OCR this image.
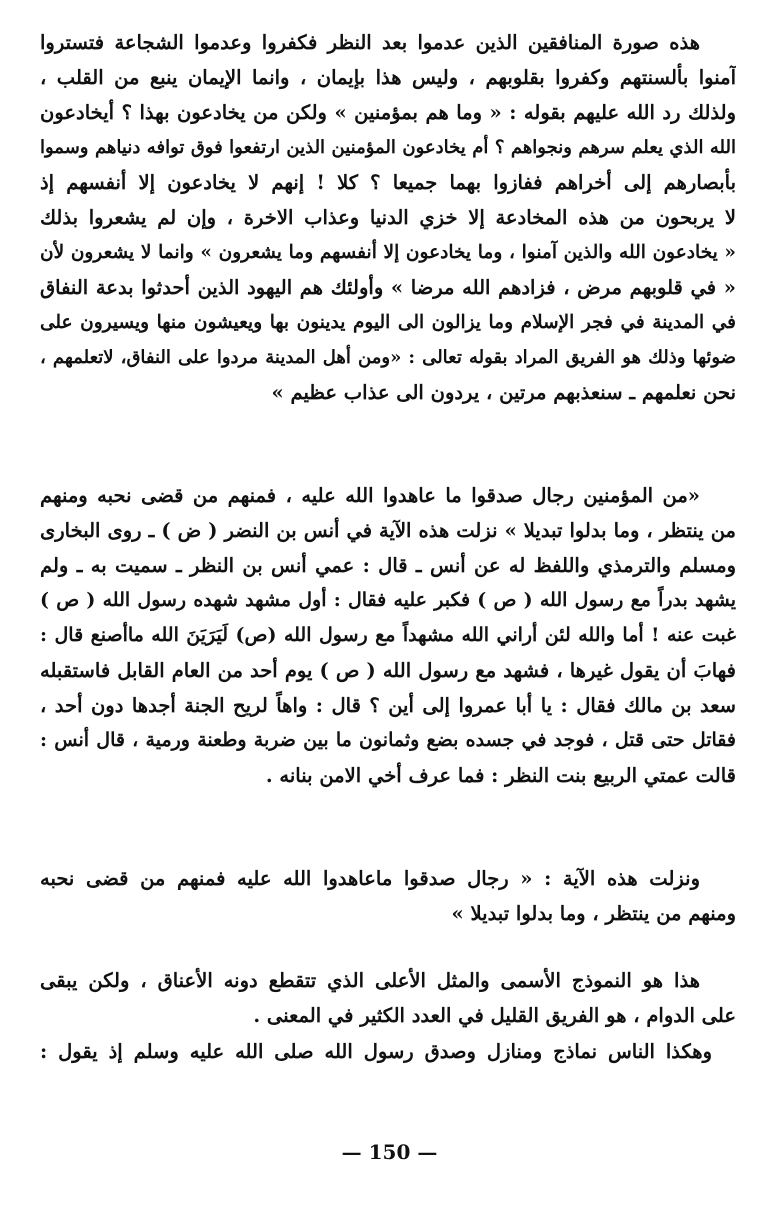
هذه صورة المنافقين الذين عدموا بعد النظر فكفروا وعدموا الشجاعة فتستروا
آمنوا بألسنتهم وكفروا بقلوبهم ، وليس هذا بإيمان ، وانما الإيمان ينبع من القلب ،
ولذلك رد الله عليهم بقوله : « وما هم بمؤمنين » ولكن من يخادعون بهذا ؟ أيخادعون
الله الذي يعلم سرهم ونجواهم ؟ أم يخادعون المؤمنين الذين ارتفعوا فوق توافه دنياهم وسموا
بأبصارهم إلى أخراهم ففازوا بهما جميعا ؟ كلا ! إنهم لا يخادعون إلا أنفسهم إذ
لا يربحون من هذه المخادعة إلا خزي الدنيا وعذاب الاخرة ، وإن لم يشعروا بذلك
« يخادعون الله والذين آمنوا ، وما يخادعون إلا أنفسهم وما يشعرون » وانما لا يشعرون لأن
« في قلوبهم مرض ، فزادهم الله مرضا » وأولئك هم اليهود الذين أحدثوا بدعة النفاق
في المدينة في فجر الإسلام وما يزالون الى اليوم يدينون بها ويعيشون منها ويسيرون على
ضوئها وذلك هو الفريق المراد بقوله تعالى : «ومن أهل المدينة مردوا على النفاق، لاتعلمهم ،
نحن نعلمهم ـ سنعذبهم مرتين ، يردون الى عذاب عظيم »
«من المؤمنين رجال صدقوا ما عاهدوا الله عليه ، فمنهم من قضى نحبه ومنهم
من ينتظر ، وما بدلوا تبديلا » نزلت هذه الآية في أنس بن النضر ( ض ) ـ روى البخارى
ومسلم والترمذي واللفظ له عن أنس ـ قال : عمي أنس بن النظر ـ سميت به ـ ولم
يشهد بدراً مع رسول الله ( ص ) فكبر عليه فقال : أول مشهد شهده رسول الله ( ص )
غبت عنه ! أما والله لئن أراني الله مشهداً مع رسول الله (ص) لَيَرَيَنَ الله ماأصنع قال :
فهابَ أن يقول غيرها ، فشهد مع رسول الله ( ص ) يوم أحد من العام القابل فاستقبله
سعد بن مالك فقال : يا أبا عمروا إلى أين ؟ قال : واهاً لريح الجنة أجدها دون أحد ،
فقاتل حتى قتل ، فوجد في جسده بضع وثمانون ما بين ضربة وطعنة ورمية ، قال أنس :
قالت عمتي الربيع بنت النظر : فما عرف أخي الامن بنانه .
ونزلت هذه الآية : « رجال صدقوا ماعاهدوا الله عليه فمنهم من قضى نحبه
ومنهم من ينتظر ، وما بدلوا تبديلا »
هذا هو النموذج الأسمى والمثل الأعلى الذي تتقطع دونه الأعناق ، ولكن يبقى
على الدوام ، هو الفريق القليل في العدد الكثير في المعنى .
وهكذا الناس نماذج ومنازل وصدق رسول الله صلى الله عليه وسلم إذ يقول :
— 150 —
